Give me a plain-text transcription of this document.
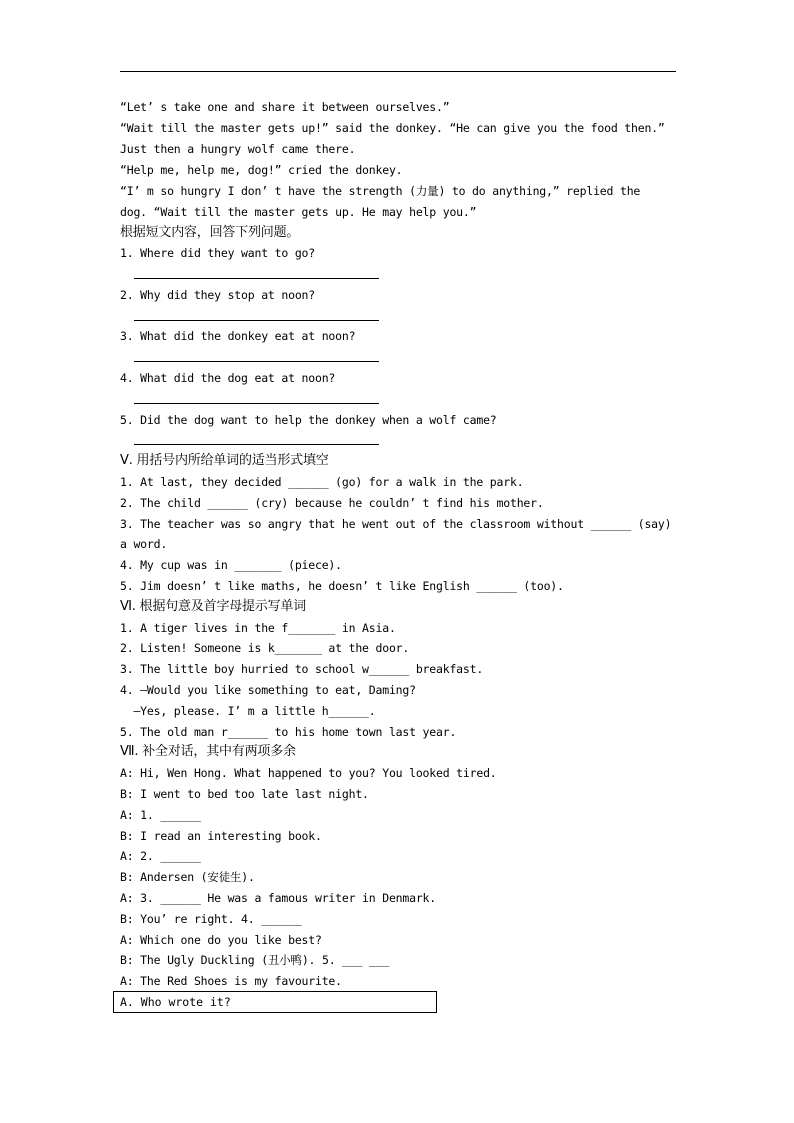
“Let’ s take one and share it between ourselves.”
“Wait till the master gets up!” said the donkey. “He can give you the food then.”
Just then a hungry wolf came there.
“Help me, help me, dog!” cried the donkey.
“I’ m so hungry I don’ t have the strength (力量) to do anything,” replied the
dog. “Wait till the master gets up. He may help you.”
根据短文内容，回答下列问题。
1. Where did they want to go?
2. Why did they stop at noon?
3. What did the donkey eat at noon?
4. What did the dog eat at noon?
5. Did the dog want to help the donkey when a wolf came?
Ⅴ. 用括号内所给单词的适当形式填空
1. At last, they decided ______ (go) for a walk in the park.
2. The child ______ (cry) because he couldn’ t find his mother.
3. The teacher was so angry that he went out of the classroom without ______ (say)
a word.
4. My cup was in _______ (piece).
5. Jim doesn’ t like maths, he doesn’ t like English ______ (too).
Ⅵ. 根据句意及首字母提示写单词
1. A tiger lives in the f_______ in Asia.
2. Listen! Someone is k_______ at the door.
3. The little boy hurried to school w______ breakfast.
4. —Would you like something to eat, Daming?
—Yes, please. I’ m a little h______.
5. The old man r______ to his home town last year.
Ⅶ. 补全对话，其中有两项多余
A: Hi, Wen Hong. What happened to you? You looked tired.
B: I went to bed too late last night.
A: 1. ______
B: I read an interesting book.
A: 2. ______
B: Andersen (安徒生).
A: 3. ______ He was a famous writer in Denmark.
B: You’ re right. 4. ______
A: Which one do you like best?
B: The Ugly Duckling (丑小鸭). 5. ___ ___
A: The Red Shoes is my favourite.
A. Who wrote it?
